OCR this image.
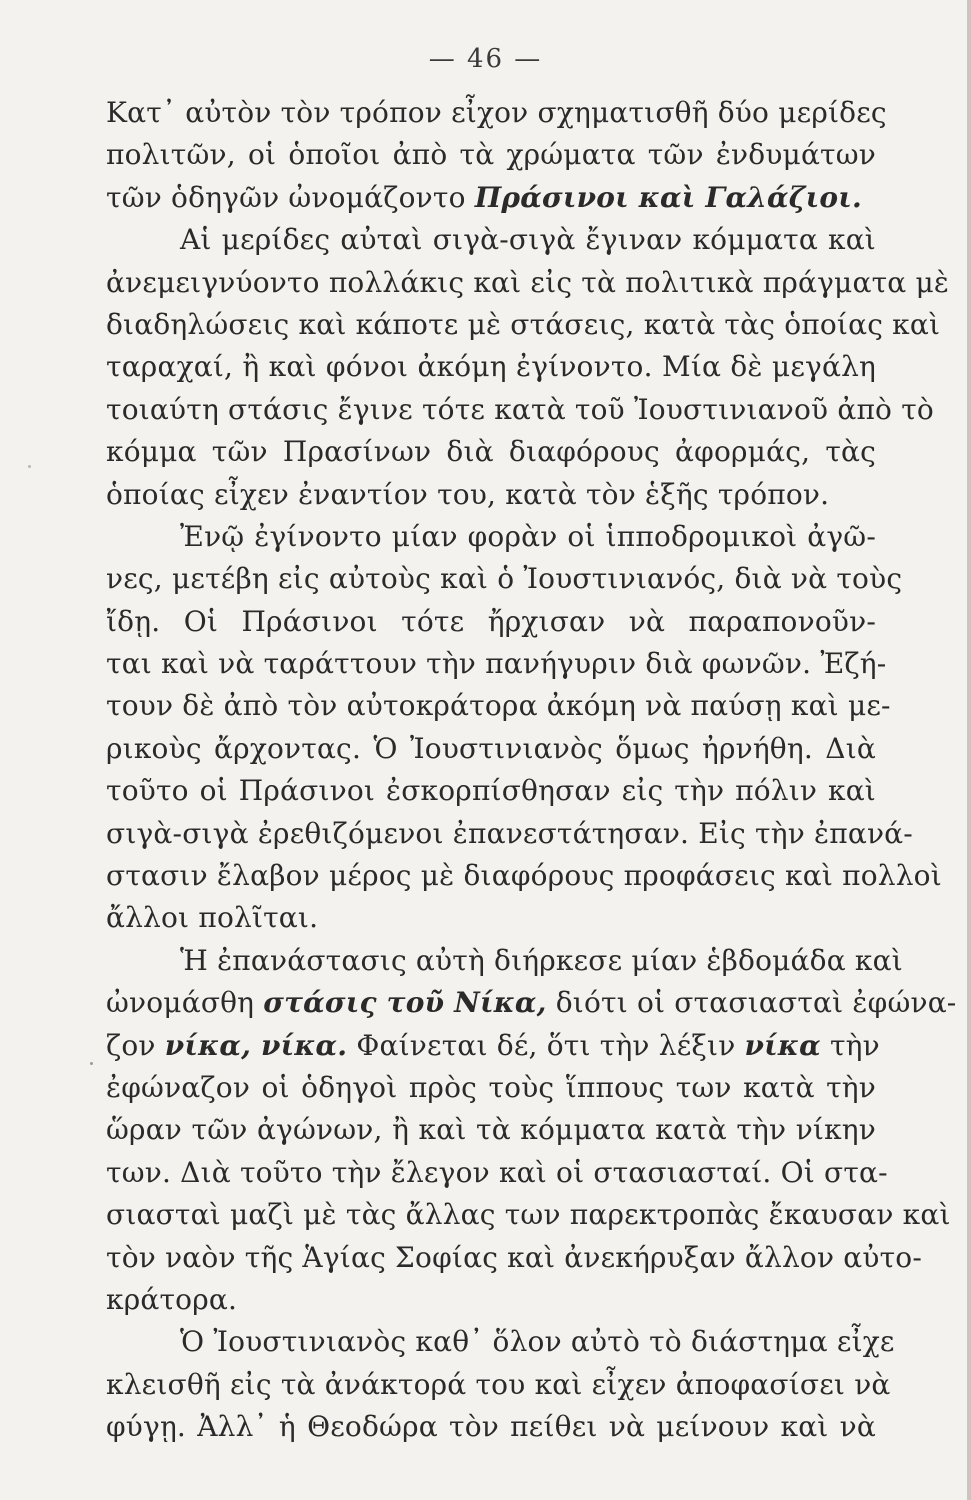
— 46 —
Κατ᾿ αὐτὸν τὸν τρόπον εἶχον σχηματισθῆ δύο μερίδες
πολιτῶν, οἱ ὁποῖοι ἀπὸ τὰ χρώματα τῶν ἐνδυμάτων
τῶν ὁδηγῶν ὠνομάζοντο Πράσινοι καὶ Γαλάζιοι.
Αἱ μερίδες αὐταὶ σιγὰ-σιγὰ ἔγιναν κόμματα καὶ
ἀνεμειγνύοντο πολλάκις καὶ εἰς τὰ πολιτικὰ πράγματα μὲ
διαδηλώσεις καὶ κάποτε μὲ στάσεις, κατὰ τὰς ὁποίας καὶ
ταραχαί, ἢ καὶ φόνοι ἀκόμη ἐγίνοντο. Μία δὲ μεγάλη
τοιαύτη στάσις ἔγινε τότε κατὰ τοῦ Ἰουστινιανοῦ ἀπὸ τὸ
κόμμα τῶν Πρασίνων διὰ διαφόρους ἀφορμάς, τὰς
ὁποίας εἶχεν ἐναντίον του, κατὰ τὸν ἑξῆς τρόπον.
Ἐνῷ ἐγίνοντο μίαν φορὰν οἱ ἱπποδρομικοὶ ἀγῶ-
νες, μετέβη εἰς αὐτοὺς καὶ ὁ Ἰουστινιανός, διὰ νὰ τοὺς
ἴδῃ. Οἱ Πράσινοι τότε ἤρχισαν νὰ παραπονοῦν-
ται καὶ νὰ ταράττουν τὴν πανήγυριν διὰ φωνῶν. Ἐζή-
τουν δὲ ἀπὸ τὸν αὐτοκράτορα ἀκόμη νὰ παύσῃ καὶ με-
ρικοὺς ἄρχοντας. Ὁ Ἰουστινιανὸς ὅμως ἠρνήθη. Διὰ
τοῦτο οἱ Πράσινοι ἐσκορπίσθησαν εἰς τὴν πόλιν καὶ
σιγὰ-σιγὰ ἐρεθιζόμενοι ἐπανεστάτησαν. Εἰς τὴν ἐπανά-
στασιν ἔλαβον μέρος μὲ διαφόρους προφάσεις καὶ πολλοὶ
ἄλλοι πολῖται.
Ἡ ἐπανάστασις αὐτὴ διήρκεσε μίαν ἑβδομάδα καὶ
ὠνομάσθη στάσις τοῦ Νίκα, διότι οἱ στασιασταὶ ἐφώνα-
ζον νίκα, νίκα. Φαίνεται δέ, ὅτι τὴν λέξιν νίκα τὴν
ἐφώναζον οἱ ὁδηγοὶ πρὸς τοὺς ἵππους των κατὰ τὴν
ὥραν τῶν ἀγώνων, ἢ καὶ τὰ κόμματα κατὰ τὴν νίκην
των. Διὰ τοῦτο τὴν ἔλεγον καὶ οἱ στασιασταί. Οἱ στα-
σιασταὶ μαζὶ μὲ τὰς ἄλλας των παρεκτροπὰς ἔκαυσαν καὶ
τὸν ναὸν τῆς Ἁγίας Σοφίας καὶ ἀνεκήρυξαν ἄλλον αὐτο-
κράτορα.
Ὁ Ἰουστινιανὸς καθ᾿ ὅλον αὐτὸ τὸ διάστημα εἶχε
κλεισθῆ εἰς τὰ ἀνάκτορά του καὶ εἶχεν ἀποφασίσει νὰ
φύγῃ. Ἀλλ᾿ ἡ Θεοδώρα τὸν πείθει νὰ μείνουν καὶ νὰ
